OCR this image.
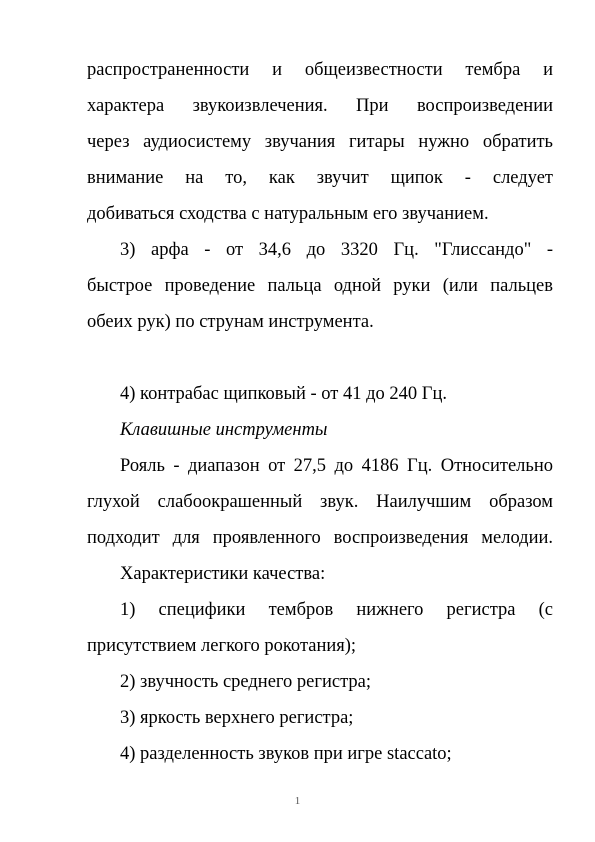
распространенности и общеизвестности тембра и
характера звукоизвлечения. При воспроизведении
через аудиосистему звучания гитары нужно обратить
внимание на то, как звучит щипок - следует
добиваться сходства с натуральным его звучанием.
3) арфа - от 34,6 до 3320 Гц. "Глиссандо" -
быстрое проведение пальца одной руки (или пальцев
обеих рук) по струнам инструмента.
4) контрабас щипковый - от 41 до 240 Гц.
Клавишные инструменты
Рояль - диапазон от 27,5 до 4186 Гц. Относительно
глухой слабоокрашенный звук. Наилучшим образом
подходит для проявленного воспроизведения мелодии.
Характеристики качества:
1) специфики тембров нижнего регистра (с
присутствием легкого рокотания);
2) звучность среднего регистра;
3) яркость верхнего регистра;
4) разделенность звуков при игре staccato;
1
